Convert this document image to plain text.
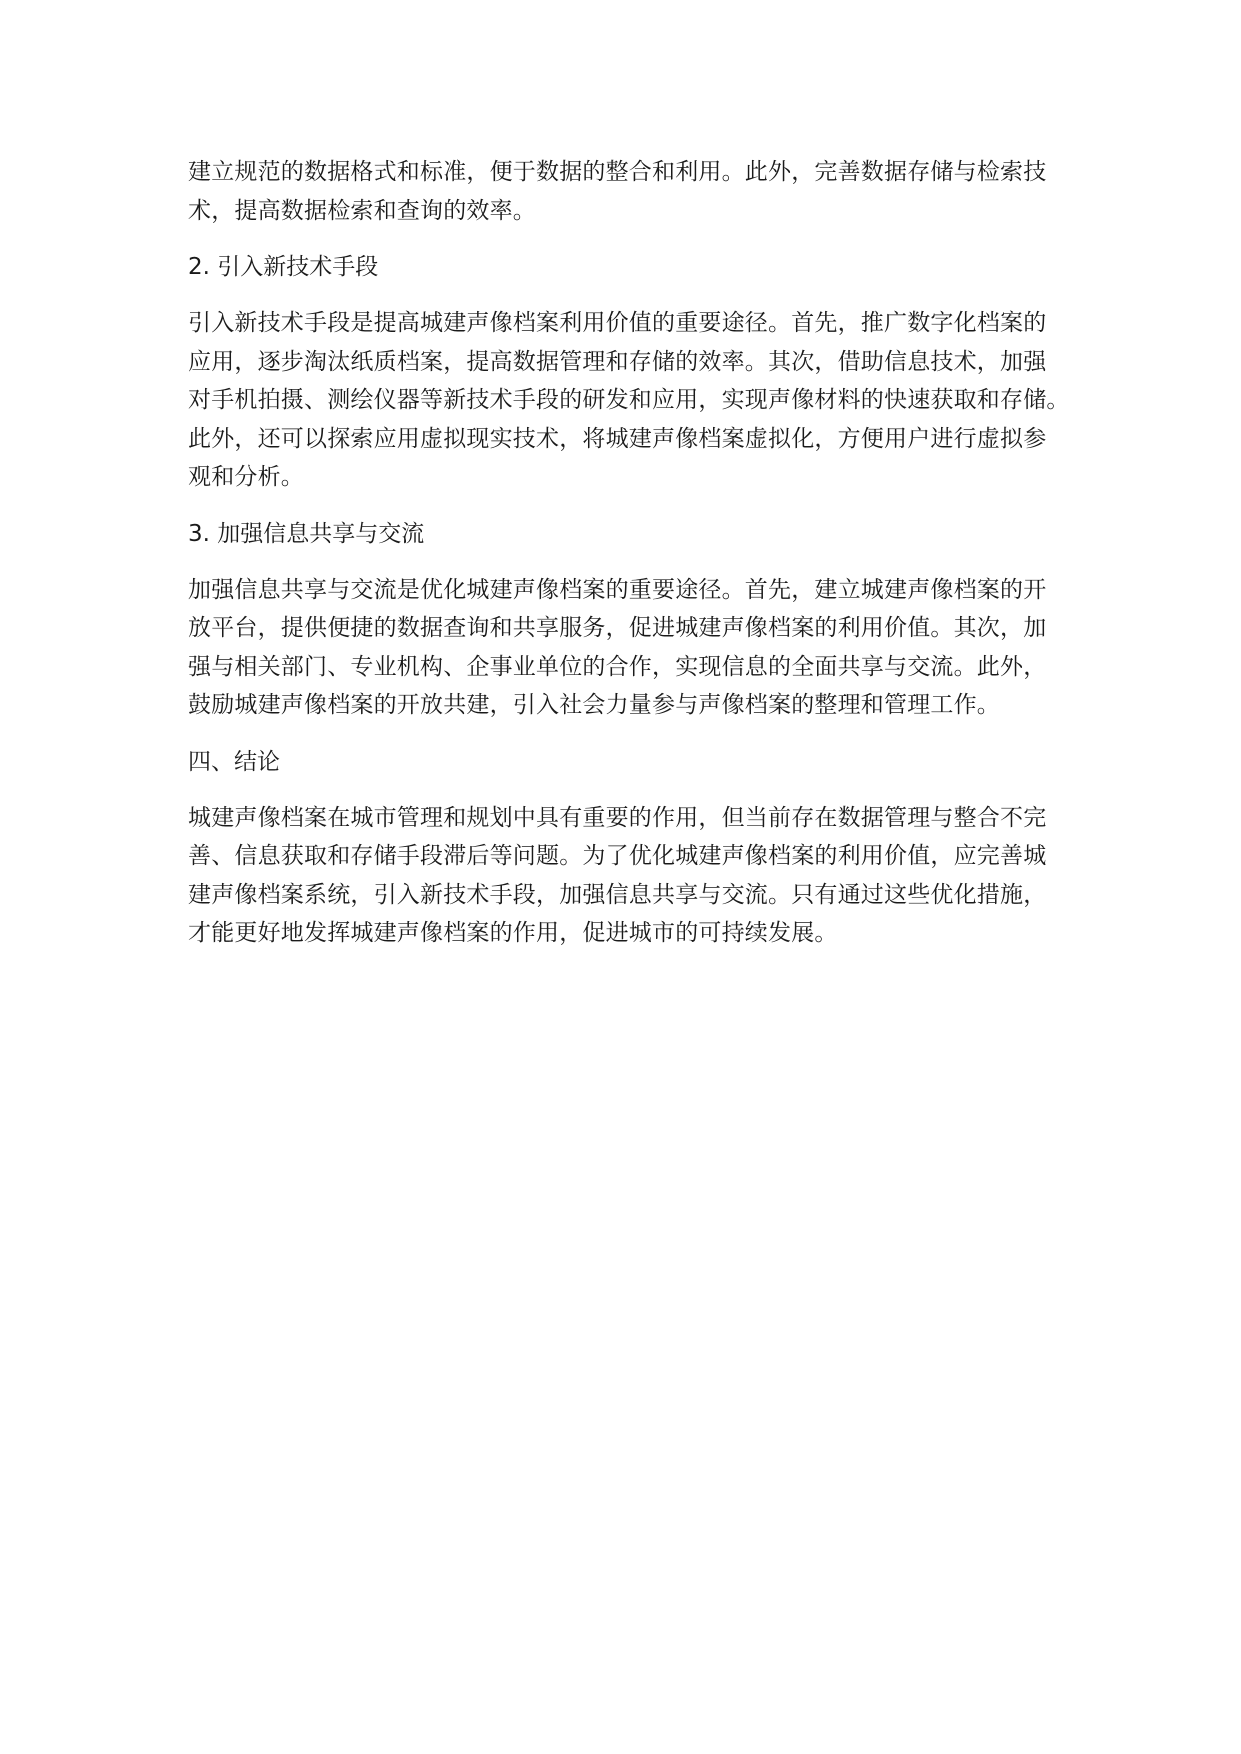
建立规范的数据格式和标准，便于数据的整合和利用。此外，完善数据存储与检索技
术，提高数据检索和查询的效率。
2. 引入新技术手段
引入新技术手段是提高城建声像档案利用价值的重要途径。首先，推广数字化档案的
应用，逐步淘汰纸质档案，提高数据管理和存储的效率。其次，借助信息技术，加强
对手机拍摄、测绘仪器等新技术手段的研发和应用，实现声像材料的快速获取和存储。
此外，还可以探索应用虚拟现实技术，将城建声像档案虚拟化，方便用户进行虚拟参
观和分析。
3. 加强信息共享与交流
加强信息共享与交流是优化城建声像档案的重要途径。首先，建立城建声像档案的开
放平台，提供便捷的数据查询和共享服务，促进城建声像档案的利用价值。其次，加
强与相关部门、专业机构、企事业单位的合作，实现信息的全面共享与交流。此外，
鼓励城建声像档案的开放共建，引入社会力量参与声像档案的整理和管理工作。
四、结论
城建声像档案在城市管理和规划中具有重要的作用，但当前存在数据管理与整合不完
善、信息获取和存储手段滞后等问题。为了优化城建声像档案的利用价值，应完善城
建声像档案系统，引入新技术手段，加强信息共享与交流。只有通过这些优化措施，
才能更好地发挥城建声像档案的作用，促进城市的可持续发展。
